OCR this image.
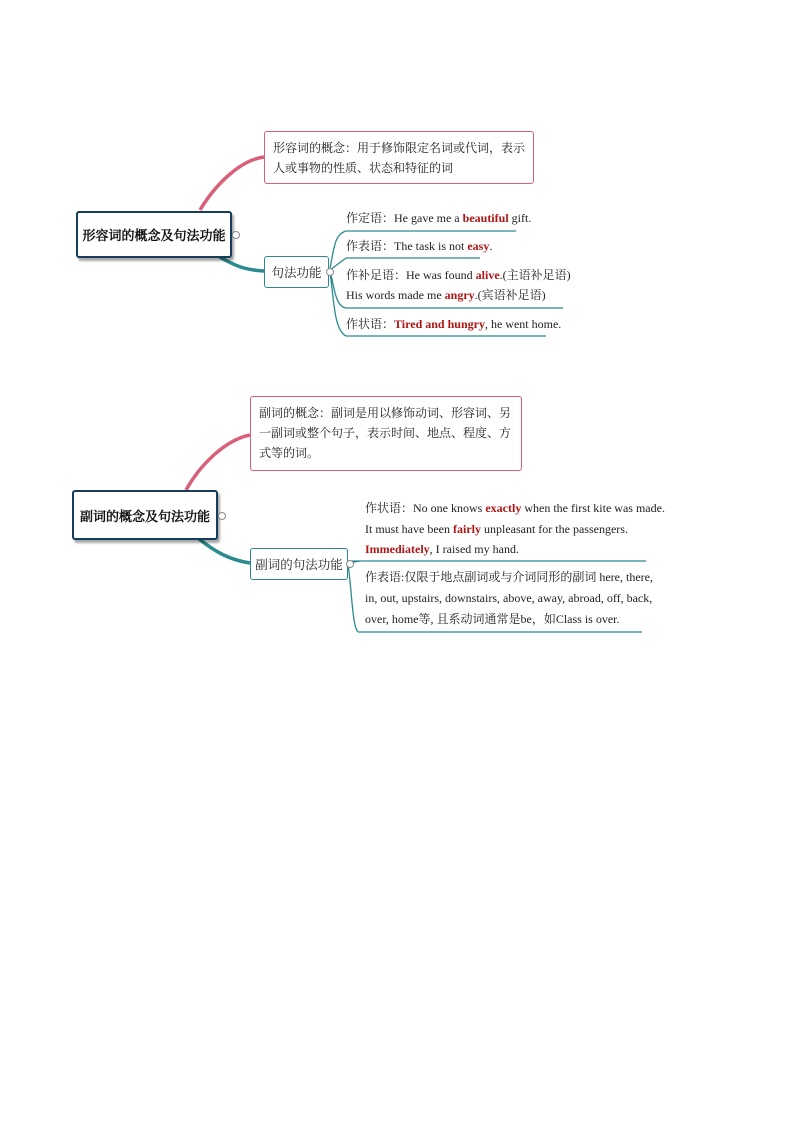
形容词的概念及句法功能
形容词的概念：用于修饰限定名词或代词，表示人或事物的性质、状态和特征的词
句法功能
作定语：He gave me a beautiful gift.
作表语：The task is not easy.
作补足语：He was found alive.(主语补足语)
His words made me angry.(宾语补足语)
作状语：Tired and hungry, he went home.
副词的概念及句法功能
副词的概念：副词是用以修饰动词、形容词、另一副词或整个句子，表示时间、地点、程度、方式等的词。
副词的句法功能
作状语：No one knows exactly when the first kite was made.
It must have been fairly unpleasant for the passengers.
Immediately, I raised my hand.
作表语:仅限于地点副词或与介词同形的副词 here, there,
in, out, upstairs, downstairs, above, away, abroad, off, back,
over, home等, 且系动词通常是be，如Class is over.
